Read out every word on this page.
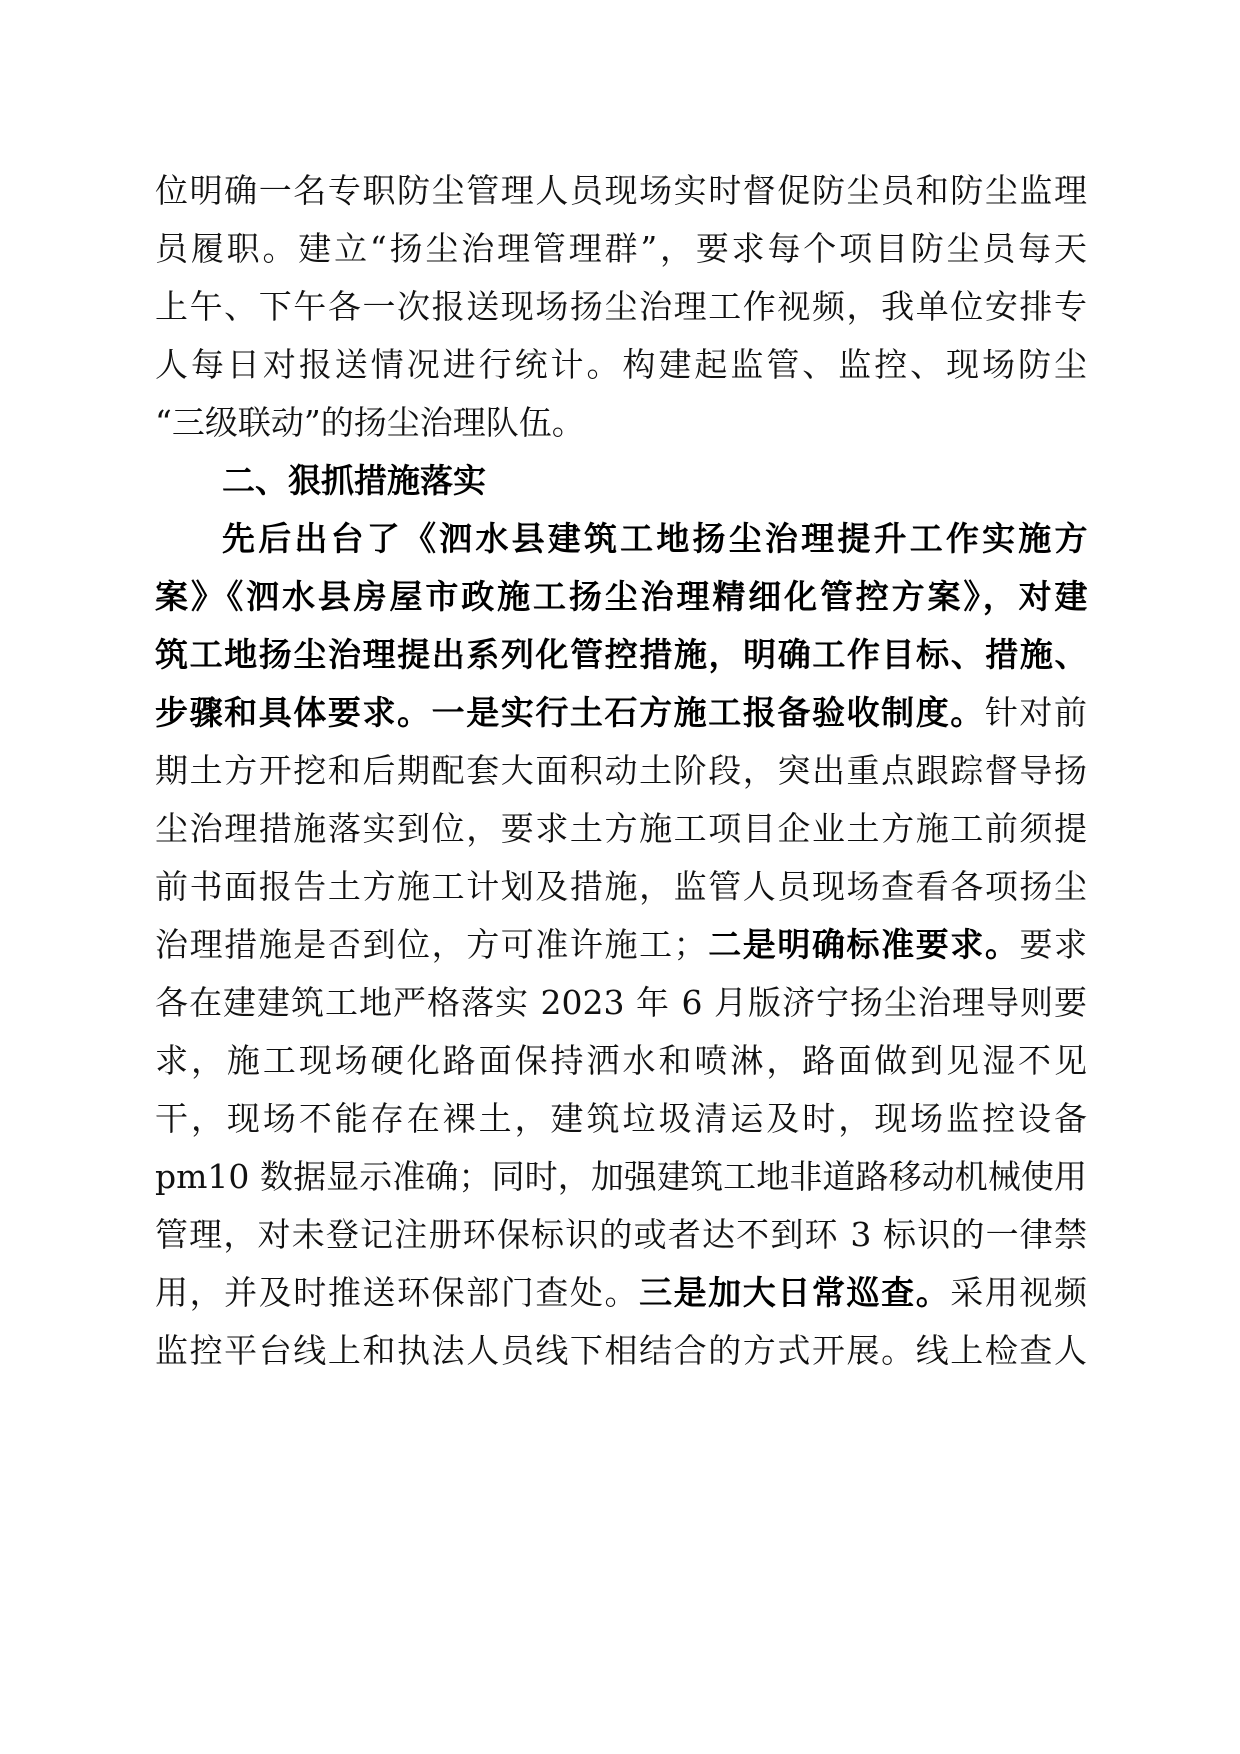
位明确一名专职防尘管理人员现场实时督促防尘员和防尘监理
员履职。建立“扬尘治理管理群”，要求每个项目防尘员每天
上午、下午各一次报送现场扬尘治理工作视频，我单位安排专
人每日对报送情况进行统计。构建起监管、监控、现场防尘
“三级联动”的扬尘治理队伍。
二、狠抓措施落实
先后出台了《泗水县建筑工地扬尘治理提升工作实施方
案》《泗水县房屋市政施工扬尘治理精细化管控方案》，对建
筑工地扬尘治理提出系列化管控措施，明确工作目标、措施、
步骤和具体要求。一是实行土石方施工报备验收制度。针对前
期土方开挖和后期配套大面积动土阶段，突出重点跟踪督导扬
尘治理措施落实到位，要求土方施工项目企业土方施工前须提
前书面报告土方施工计划及措施，监管人员现场查看各项扬尘
治理措施是否到位，方可准许施工；二是明确标准要求。要求
各在建建筑工地严格落实 2023 年 6 月版济宁扬尘治理导则要
求，施工现场硬化路面保持洒水和喷淋，路面做到见湿不见
干，现场不能存在裸土，建筑垃圾清运及时，现场监控设备
pm10 数据显示准确；同时，加强建筑工地非道路移动机械使用
管理，对未登记注册环保标识的或者达不到环 3 标识的一律禁
用，并及时推送环保部门查处。三是加大日常巡查。采用视频
监控平台线上和执法人员线下相结合的方式开展。线上检查人
